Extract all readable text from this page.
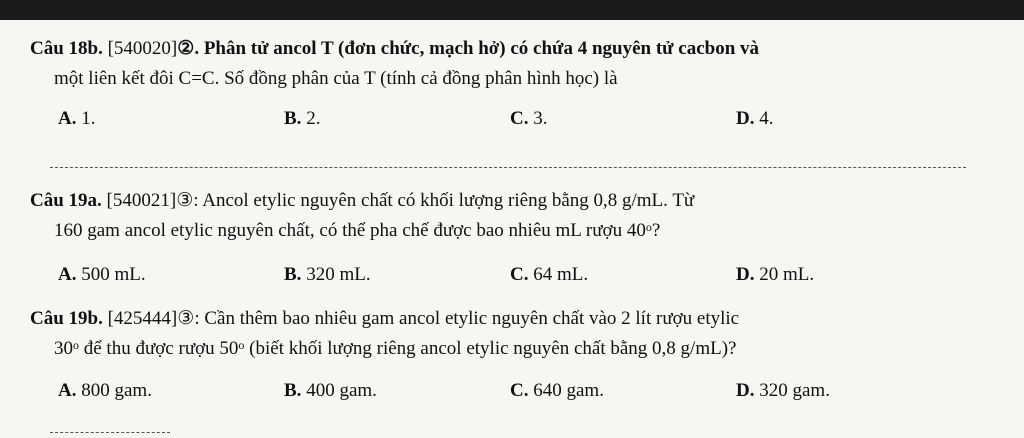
Câu 18b. [540020]②. Phân tử ancol T (đơn chức, mạch hở) có chứa 4 nguyên tử cacbon và
một liên kết đôi C=C. Số đồng phân của T (tính cả đồng phân hình học) là
A. 1.	B. 2.	C. 3.	D. 4.
Câu 19a. [540021]③: Ancol etylic nguyên chất có khối lượng riêng bằng 0,8 g/mL. Từ
160 gam ancol etylic nguyên chất, có thể pha chế được bao nhiêu mL rượu 40$^o$?
A. 500 mL.	B. 320 mL.	C. 64 mL.	D. 20 mL.
Câu 19b. [425444]③: Cần thêm bao nhiêu gam ancol etylic nguyên chất vào 2 lít rượu etylic
30$^o$ để thu được rượu 50$^o$ (biết khối lượng riêng ancol etylic nguyên chất bằng 0,8 g/mL)?
A. 800 gam.	B. 400 gam.	C. 640 gam.	D. 320 gam.
